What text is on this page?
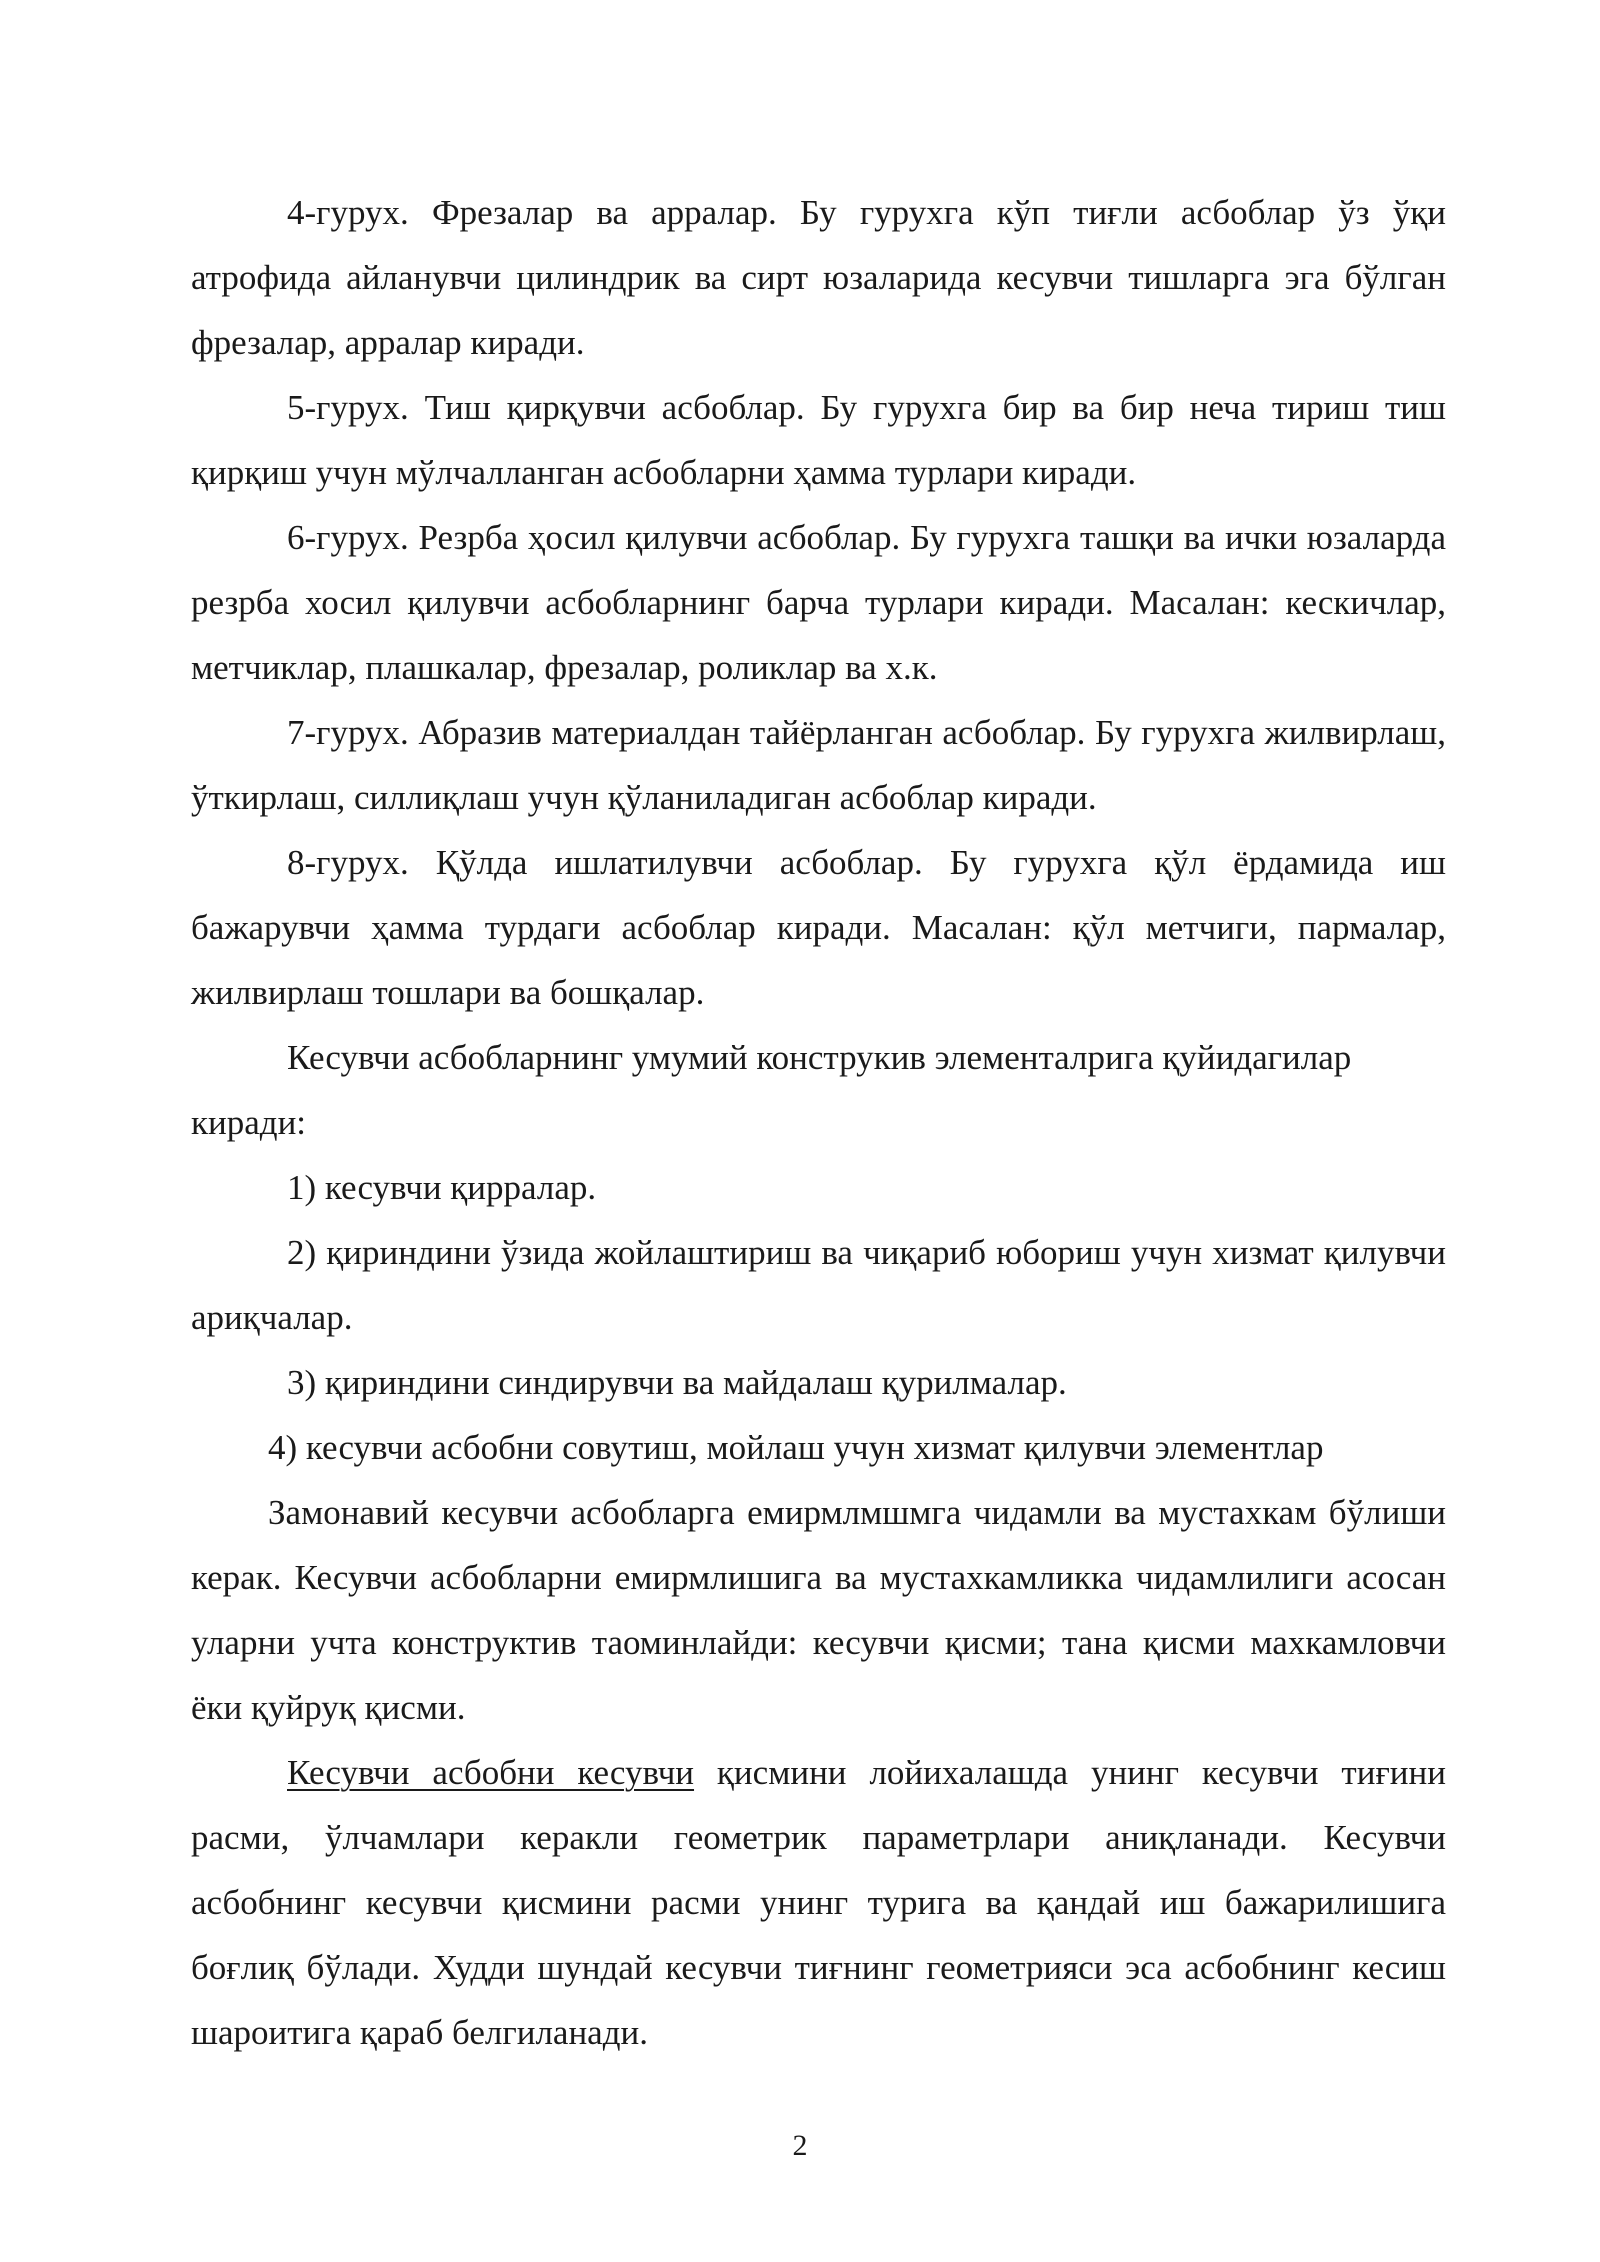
4-гурух. Фрезалар ва арралар. Бу гурухга кўп тиғли асбоблар ўз ўқи атрофида айланувчи цилиндрик ва сирт юзаларида кесувчи тишларга эга бўлган фрезалар, арралар киради.

5-гурух. Тиш қирқувчи асбоблар. Бу гурухга бир ва бир неча тириш тиш қирқиш учун мўлчалланган асбобларни ҳамма турлари киради.

6-гурух. Резрба ҳосил қилувчи асбоблар. Бу гурухга ташқи ва ички юзаларда резрба хосил қилувчи асбобларнинг барча турлари киради. Масалан: кескичлар, метчиклар, плашкалар, фрезалар, роликлар ва х.к.

7-гурух. Абразив материалдан тайёрланган асбоблар. Бу гурухга жилвирлаш, ўткирлаш, силлиқлаш учун қўланиладиган асбоблар киради.

8-гурух. Қўлда ишлатилувчи асбоблар. Бу гурухга қўл ёрдамида иш бажарувчи ҳамма турдаги асбоблар киради. Масалан: қўл метчиги, пармалар, жилвирлаш тошлари ва бошқалар.

Кесувчи асбобларнинг умумий конструкив элементалрига қуйидагилар киради:

1) кесувчи қирралар.

2) қириндини ўзида жойлаштириш ва чиқариб юбориш учун хизмат қилувчи ариқчалар.

3) қириндини синдирувчи ва майдалаш қурилмалар.

4) кесувчи асбобни совутиш, мойлаш учун хизмат қилувчи элементлар

Замонавий кесувчи асбобларга емирмлмшмга чидамли ва мустахкам бўлиши керак. Кесувчи асбобларни емирмлишига ва мустахкамликка чидамлилиги асосан уларни учта конструктив таоминлайди: кесувчи қисми; тана қисми махкамловчи ёки қуйруқ қисми.

Кесувчи асбобни кесувчи қисмини лойихалашда унинг кесувчи тиғини расми, ўлчамлари керакли геометрик параметрлари аниқланади. Кесувчи асбобнинг кесувчи қисмини расми унинг турига ва қандай иш бажарилишига боғлиқ бўлади. Худди шундай кесувчи тиғнинг геометрияси эса асбобнинг кесиш шароитига қараб белгиланади.

2
